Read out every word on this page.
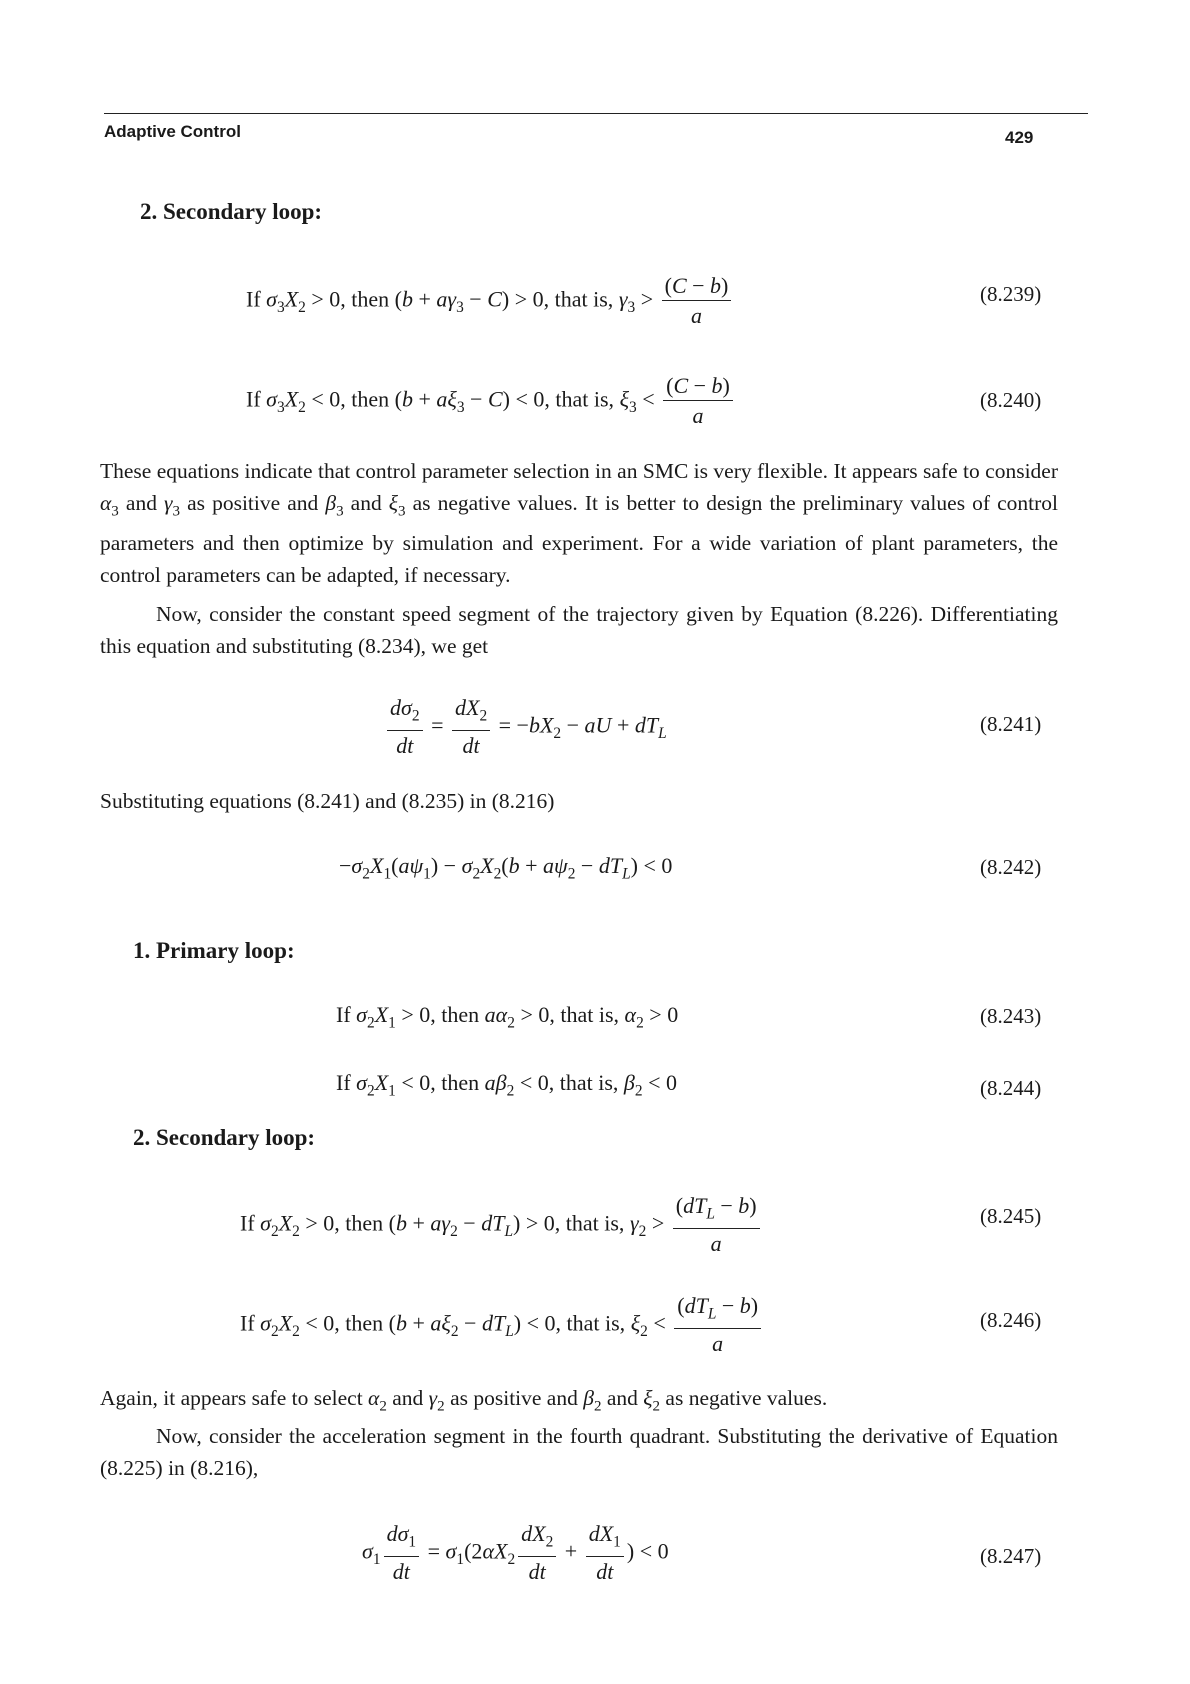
Adaptive Control	429
2. Secondary loop:
If $\sigma_3X_2 > 0$, then $(b + a\gamma_3 - C) > 0$, that is, $\gamma_3 > \frac{(C - b)}{a}$	(8.239)
If $\sigma_3X_2 < 0$, then $(b + a\xi_3 - C) < 0$, that is, $\xi_3 < \frac{(C - b)}{a}$	(8.240)
These equations indicate that control parameter selection in an SMC is very flexible. It appears safe to consider $\alpha_3$ and $\gamma_3$ as positive and $\beta_3$ and $\xi_3$ as negative values. It is better to design the preliminary values of control parameters and then optimize by simulation and experiment. For a wide variation of plant parameters, the control parameters can be adapted, if necessary.
Now, consider the constant speed segment of the trajectory given by Equation (8.226). Differentiating this equation and substituting (8.234), we get
$\frac{d\sigma_2}{dt} = \frac{dX_2}{dt} = -bX_2$ − aU + $dT_L$	(8.241)
Substituting equations (8.241) and (8.235) in (8.216)
$-\sigma_2X_1(a\psi_1) - \sigma_2X_2(b + a\psi_2 - dT_L) < 0$	(8.242)
1. Primary loop:
If $\sigma_2X_1 > 0$, then $a\alpha_2 > 0$, that is, $\alpha_2 > 0$	(8.243)
If $\sigma_2X_1 < 0$, then $a\beta_2 < 0$, that is, $\beta_2 < 0$	(8.244)
2. Secondary loop:
If $\sigma_2X_2 > 0$, then $(b + a\gamma_2 - dT_L) > 0$, that is, $\gamma_2 > \frac{(dT_L - b)}{a}$	(8.245)
If $\sigma_2X_2 < 0$, then $(b + a\xi_2 - dT_L) < 0$, that is, $\xi_2 < \frac{(dT_L - b)}{a}$	(8.246)
Again, it appears safe to select $\alpha_2$ and $\gamma_2$ as positive and $\beta_2$ and $\xi_2$ as negative values.
Now, consider the acceleration segment in the fourth quadrant. Substituting the derivative of Equation (8.225) in (8.216),
$\sigma_1 \frac{d\sigma_1}{dt} = \sigma_1(2\alpha X_2 \frac{dX_2}{dt} + \frac{dX_1}{dt}$ ) < 0	(8.247)
